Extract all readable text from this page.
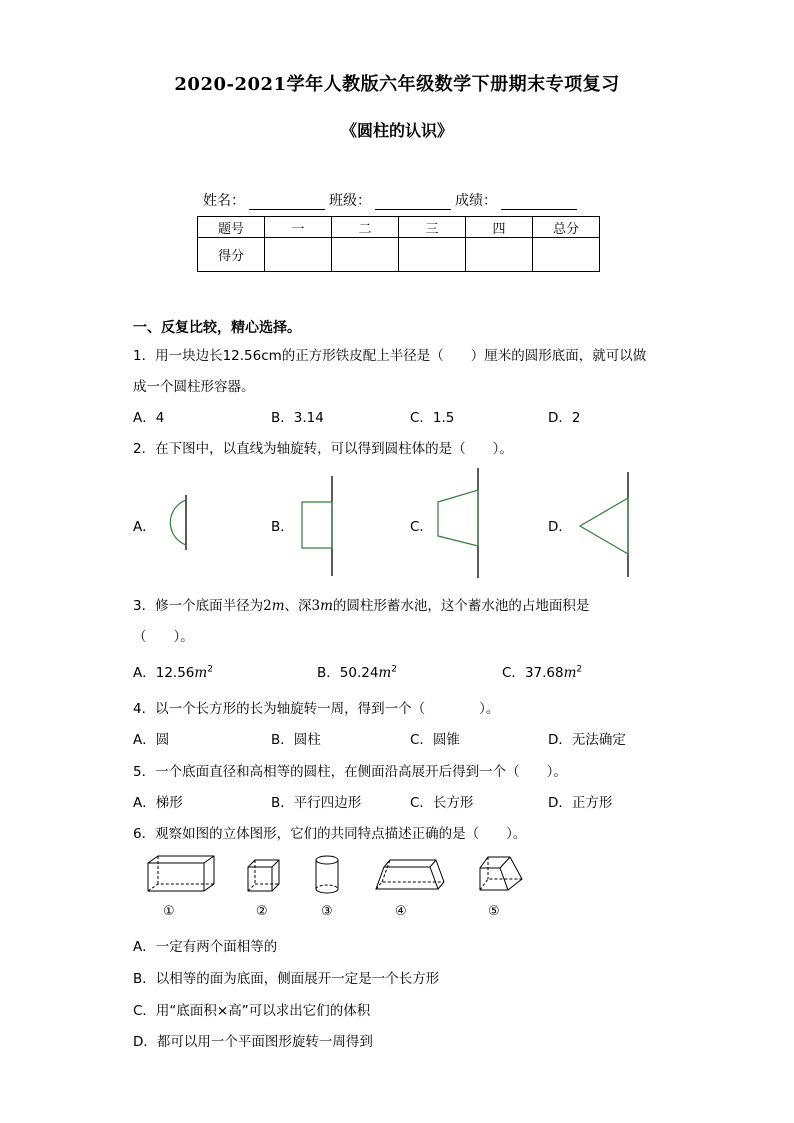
2020-2021学年人教版六年级数学下册期末专项复习
《圆柱的认识》
姓名：	班级：	成绩：
题号	一	二	三	四	总分
得分					
一、反复比较，精心选择。
1．用一块边长12.56cm的正方形铁皮配上半径是（　　）厘米的圆形底面，就可以做
成一个圆柱形容器。
A．4	B．3.14	C．1.5	D．2
2．在下图中，以直线为轴旋转，可以得到圆柱体的是（　　）。
A．	B．	C．	D．
3．修一个底面半径为2m、深3m的圆柱形蓄水池，这个蓄水池的占地面积是
（　　）。
A．$12.56m^2$	B．$50.24m^2$	C．$37.68m^2$
4．以一个长方形的长为轴旋转一周，得到一个（　　　　）。
A．圆	B．圆柱	C．圆锥	D．无法确定
5．一个底面直径和高相等的圆柱，在侧面沿高展开后得到一个（　　）。
A．梯形	B．平行四边形	C．长方形	D．正方形
6．观察如图的立体图形，它们的共同特点描述正确的是（　　）。
①	②	③	④	⑤
A．一定有两个面相等的
B．以相等的面为底面，侧面展开一定是一个长方形
C．用“底面积×高”可以求出它们的体积
D．都可以用一个平面图形旋转一周得到
